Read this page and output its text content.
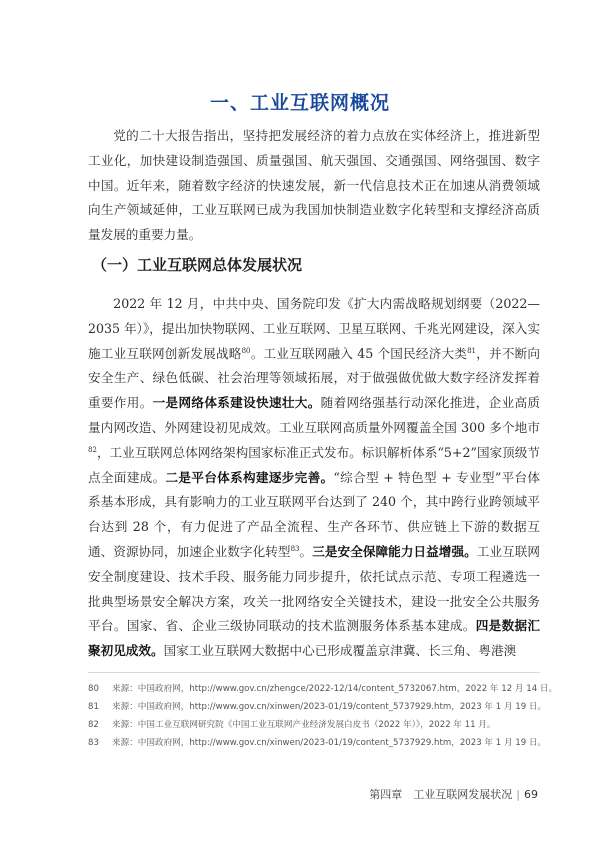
一、工业互联网概况

党的二十大报告指出，坚持把发展经济的着力点放在实体经济上，推进新型工业化，加快建设制造强国、质量强国、航天强国、交通强国、网络强国、数字中国。近年来，随着数字经济的快速发展，新一代信息技术正在加速从消费领域向生产领域延伸，工业互联网已成为我国加快制造业数字化转型和支撑经济高质量发展的重要力量。

（一）工业互联网总体发展状况

2022 年 12 月，中共中央、国务院印发《扩大内需战略规划纲要（2022—2035 年）》，提出加快物联网、工业互联网、卫星互联网、千兆光网建设，深入实施工业互联网创新发展战略$^{80}$。工业互联网融入 45 个国民经济大类$^{81}$，并不断向安全生产、绿色低碳、社会治理等领域拓展，对于做强做优做大数字经济发挥着重要作用。一是网络体系建设快速壮大。随着网络强基行动深化推进，企业高质量内网改造、外网建设初见成效。工业互联网高质量外网覆盖全国 300 多个地市$^{82}$，工业互联网总体网络架构国家标准正式发布。标识解析体系“5+2”国家顶级节点全面建成。二是平台体系构建逐步完善。“综合型 + 特色型 + 专业型”平台体系基本形成，具有影响力的工业互联网平台达到了 240 个，其中跨行业跨领域平台达到 28 个，有力促进了产品全流程、生产各环节、供应链上下游的数据互通、资源协同，加速企业数字化转型$^{83}$。三是安全保障能力日益增强。工业互联网安全制度建设、技术手段、服务能力同步提升，依托试点示范、专项工程遴选一批典型场景安全解决方案，攻关一批网络安全关键技术，建设一批安全公共服务平台。国家、省、企业三级协同联动的技术监测服务体系基本建成。四是数据汇聚初见成效。国家工业互联网大数据中心已形成覆盖京津冀、长三角、粤港澳

80 来源：中国政府网，http://www.gov.cn/zhengce/2022-12/14/content_5732067.htm，2022 年 12 月 14 日。
81 来源：中国政府网，http://www.gov.cn/xinwen/2023-01/19/content_5737929.htm，2023 年 1 月 19 日。
82 来源：中国工业互联网研究院《中国工业互联网产业经济发展白皮书（2022 年）》，2022 年 11 月。
83 来源：中国政府网，http://www.gov.cn/xinwen/2023-01/19/content_5737929.htm，2023 年 1 月 19 日。
第四章　工业互联网发展状况 | 69
